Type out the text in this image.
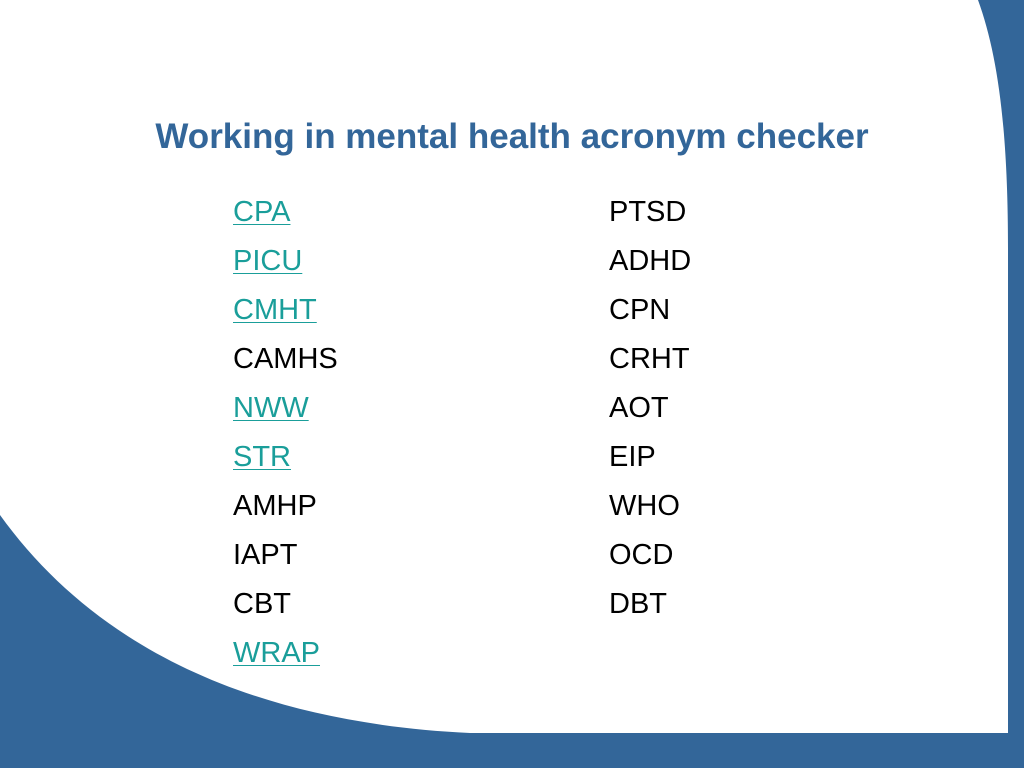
Working in mental health acronym checker
CPA
PICU
CMHT
CAMHS
NWW
STR
AMHP
IAPT
CBT
WRAP
PTSD
ADHD
CPN
CRHT
AOT
EIP
WHO
OCD
DBT
